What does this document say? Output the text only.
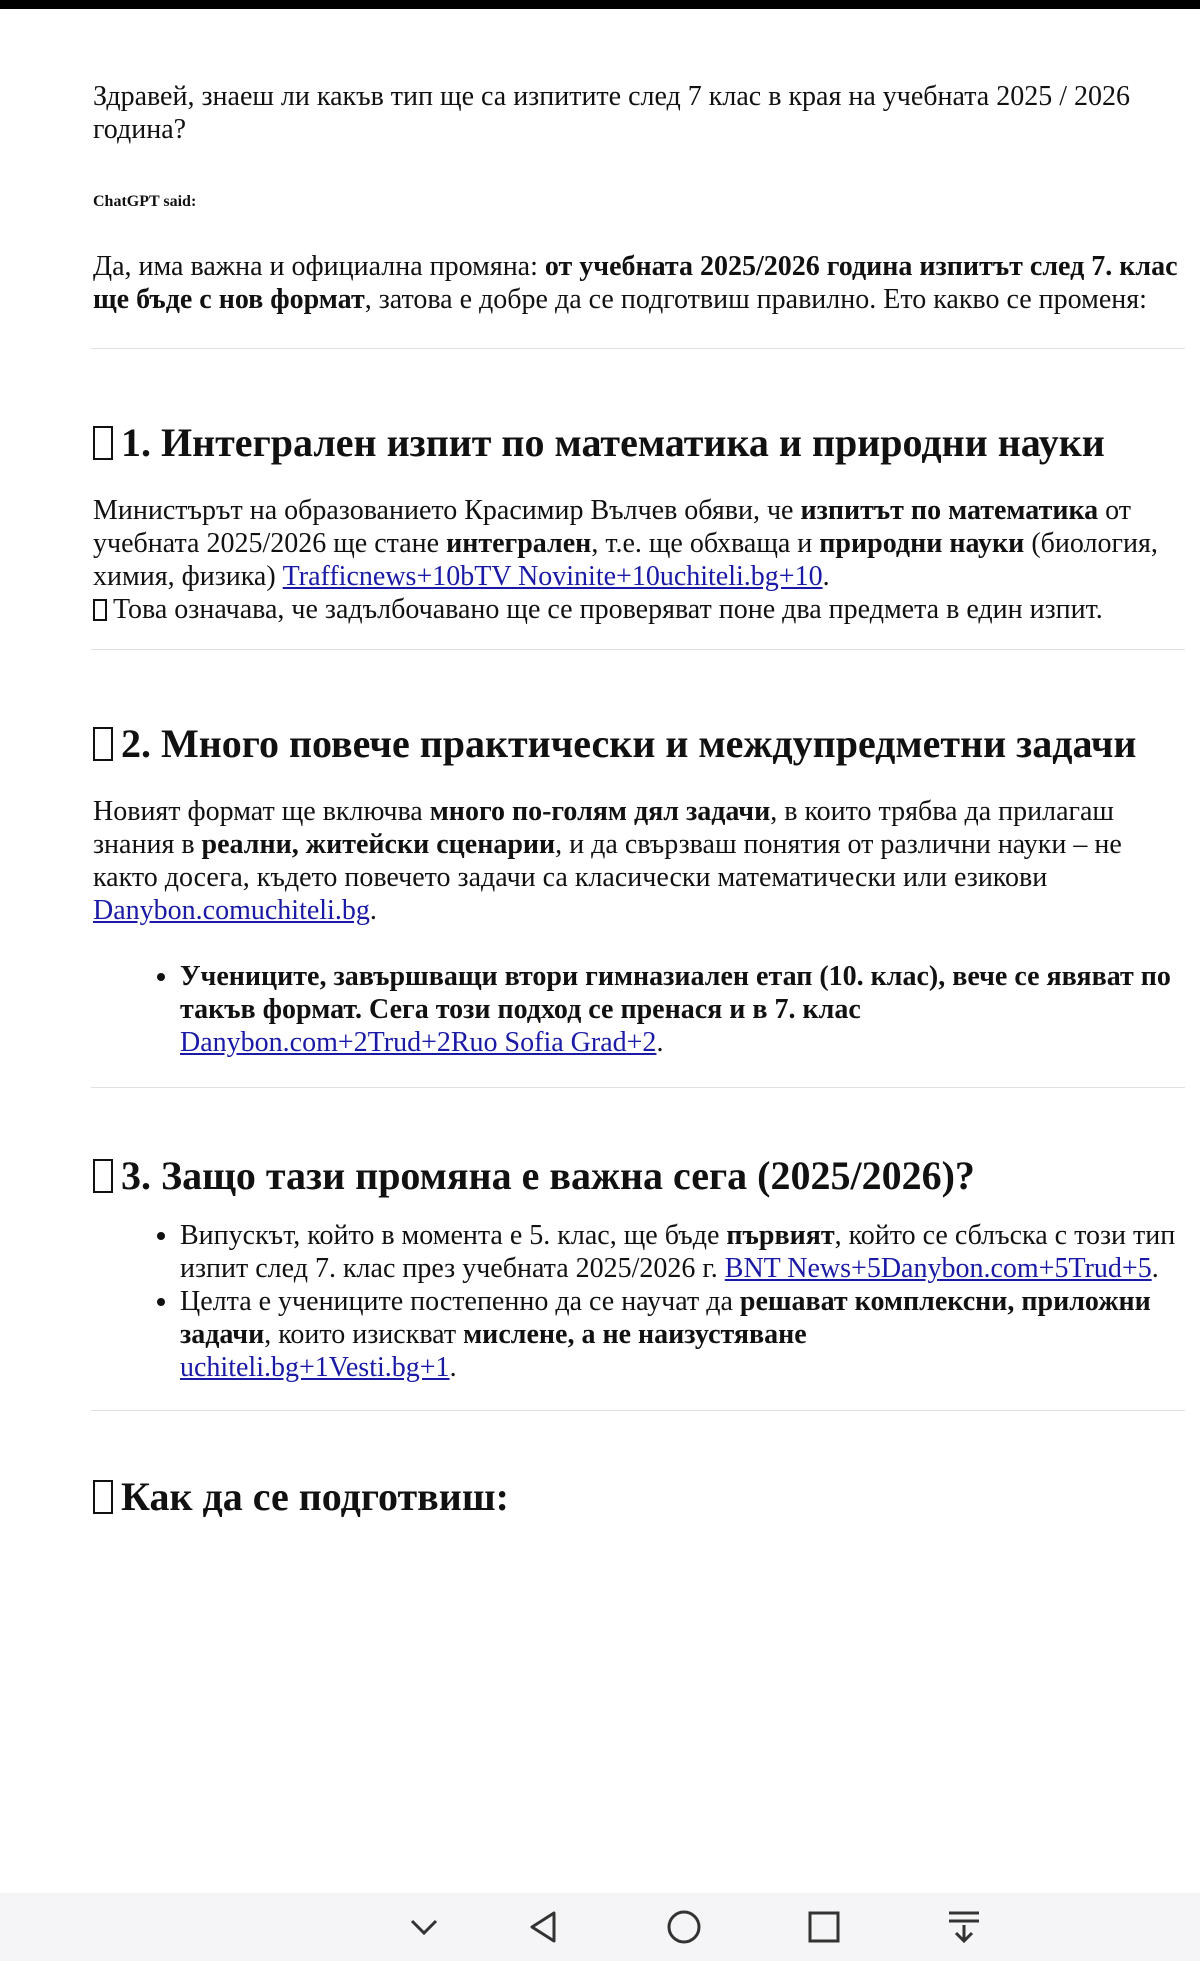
Здравей, знаеш ли какъв тип ще са изпитите след 7 клас в края на учебната 2025 / 2026 година?

ChatGPT said:

Да, има важна и официална промяна: от учебната 2025/2026 година изпитът след 7. клас ще бъде с нов формат, затова е добре да се подготвиш правилно. Ето какво се променя:

1. Интегрален изпит по математика и природни науки

Министърът на образованието Красимир Вълчев обяви, че изпитът по математика от учебната 2025/2026 ще стане интегрален, т.е. ще обхваща и природни науки (биология, химия, физика) Trafficnews+10bTV Novinite+10uchiteli.bg+10.
Това означава, че задълбочавано ще се проверяват поне два предмета в един изпит.

2. Много повече практически и междупредметни задачи

Новият формат ще включва много по-голям дял задачи, в които трябва да прилагаш знания в реални, житейски сценарии, и да свързваш понятия от различни науки – не както досега, където повечето задачи са класически математически или езикови Danybon.comuchiteli.bg.

• Учениците, завършващи втори гимназиален етап (10. клас), вече се явяват по такъв формат. Сега този подход се пренася и в 7. клас
Danybon.com+2Trud+2Ruo Sofia Grad+2.
3. Защо тази промяна е важна сега (2025/2026)?
• Випускът, който в момента е 5. клас, ще бъде първият, който се сблъска с този тип изпит след 7. клас през учебната 2025/2026 г. BNT News+5Danybon.com+5Trud+5.
• Целта е учениците постепенно да се научат да решават комплексни, приложни задачи, които изискват мислене, а не наизустяване
uchiteli.bg+1Vesti.bg+1.
Как да се подготвиш:
